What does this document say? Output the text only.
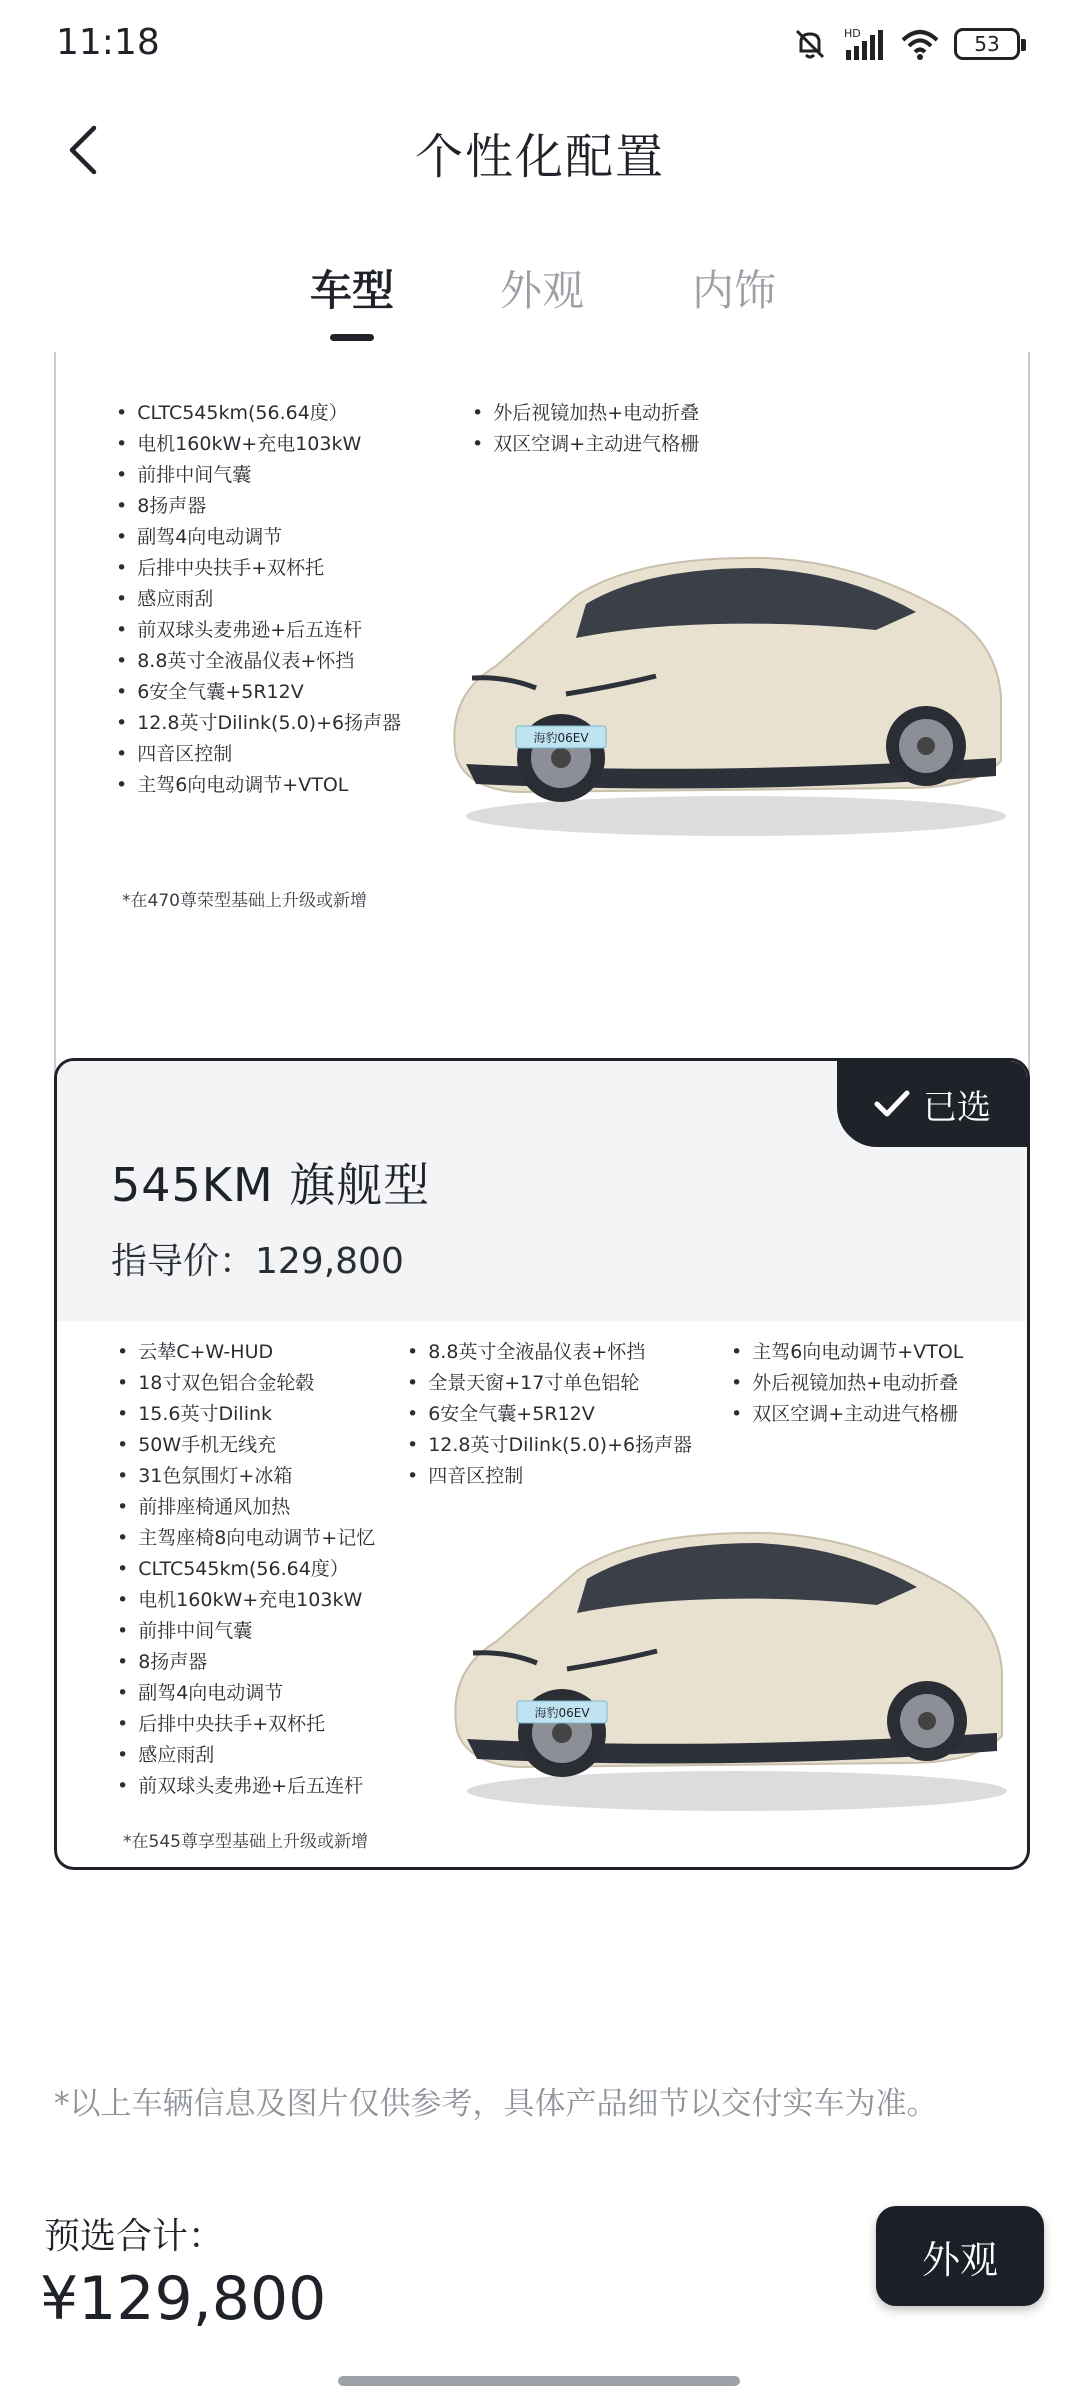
11:18	HD	53
个性化配置
车型	外观	内饰
• CLTC545km(56.64度）
• 电机160kW+充电103kW
• 前排中间气囊
• 8扬声器
• 副驾4向电动调节
• 后排中央扶手+双杯托
• 感应雨刮
• 前双球头麦弗逊+后五连杆
• 8.8英寸全液晶仪表+怀挡
• 6安全气囊+5R12V
• 12.8英寸Dilink(5.0)+6扬声器
• 四音区控制
• 主驾6向电动调节+VTOL
• 外后视镜加热+电动折叠
• 双区空调+主动进气格栅
海豹06EV
*在470尊荣型基础上升级或新增
545KM 旗舰型
指导价：129,800
已选
• 云辇C+W-HUD
• 18寸双色铝合金轮毂
• 15.6英寸Dilink
• 50W手机无线充
• 31色氛围灯+冰箱
• 前排座椅通风加热
• 主驾座椅8向电动调节+记忆
• CLTC545km(56.64度）
• 电机160kW+充电103kW
• 前排中间气囊
• 8扬声器
• 副驾4向电动调节
• 后排中央扶手+双杯托
• 感应雨刮
• 前双球头麦弗逊+后五连杆
• 8.8英寸全液晶仪表+怀挡
• 全景天窗+17寸单色铝轮
• 6安全气囊+5R12V
• 12.8英寸Dilink(5.0)+6扬声器
• 四音区控制
• 主驾6向电动调节+VTOL
• 外后视镜加热+电动折叠
• 双区空调+主动进气格栅
海豹06EV
*在545尊享型基础上升级或新增
*以上车辆信息及图片仅供参考，具体产品细节以交付实车为准。
预选合计：
¥129,800
外观
